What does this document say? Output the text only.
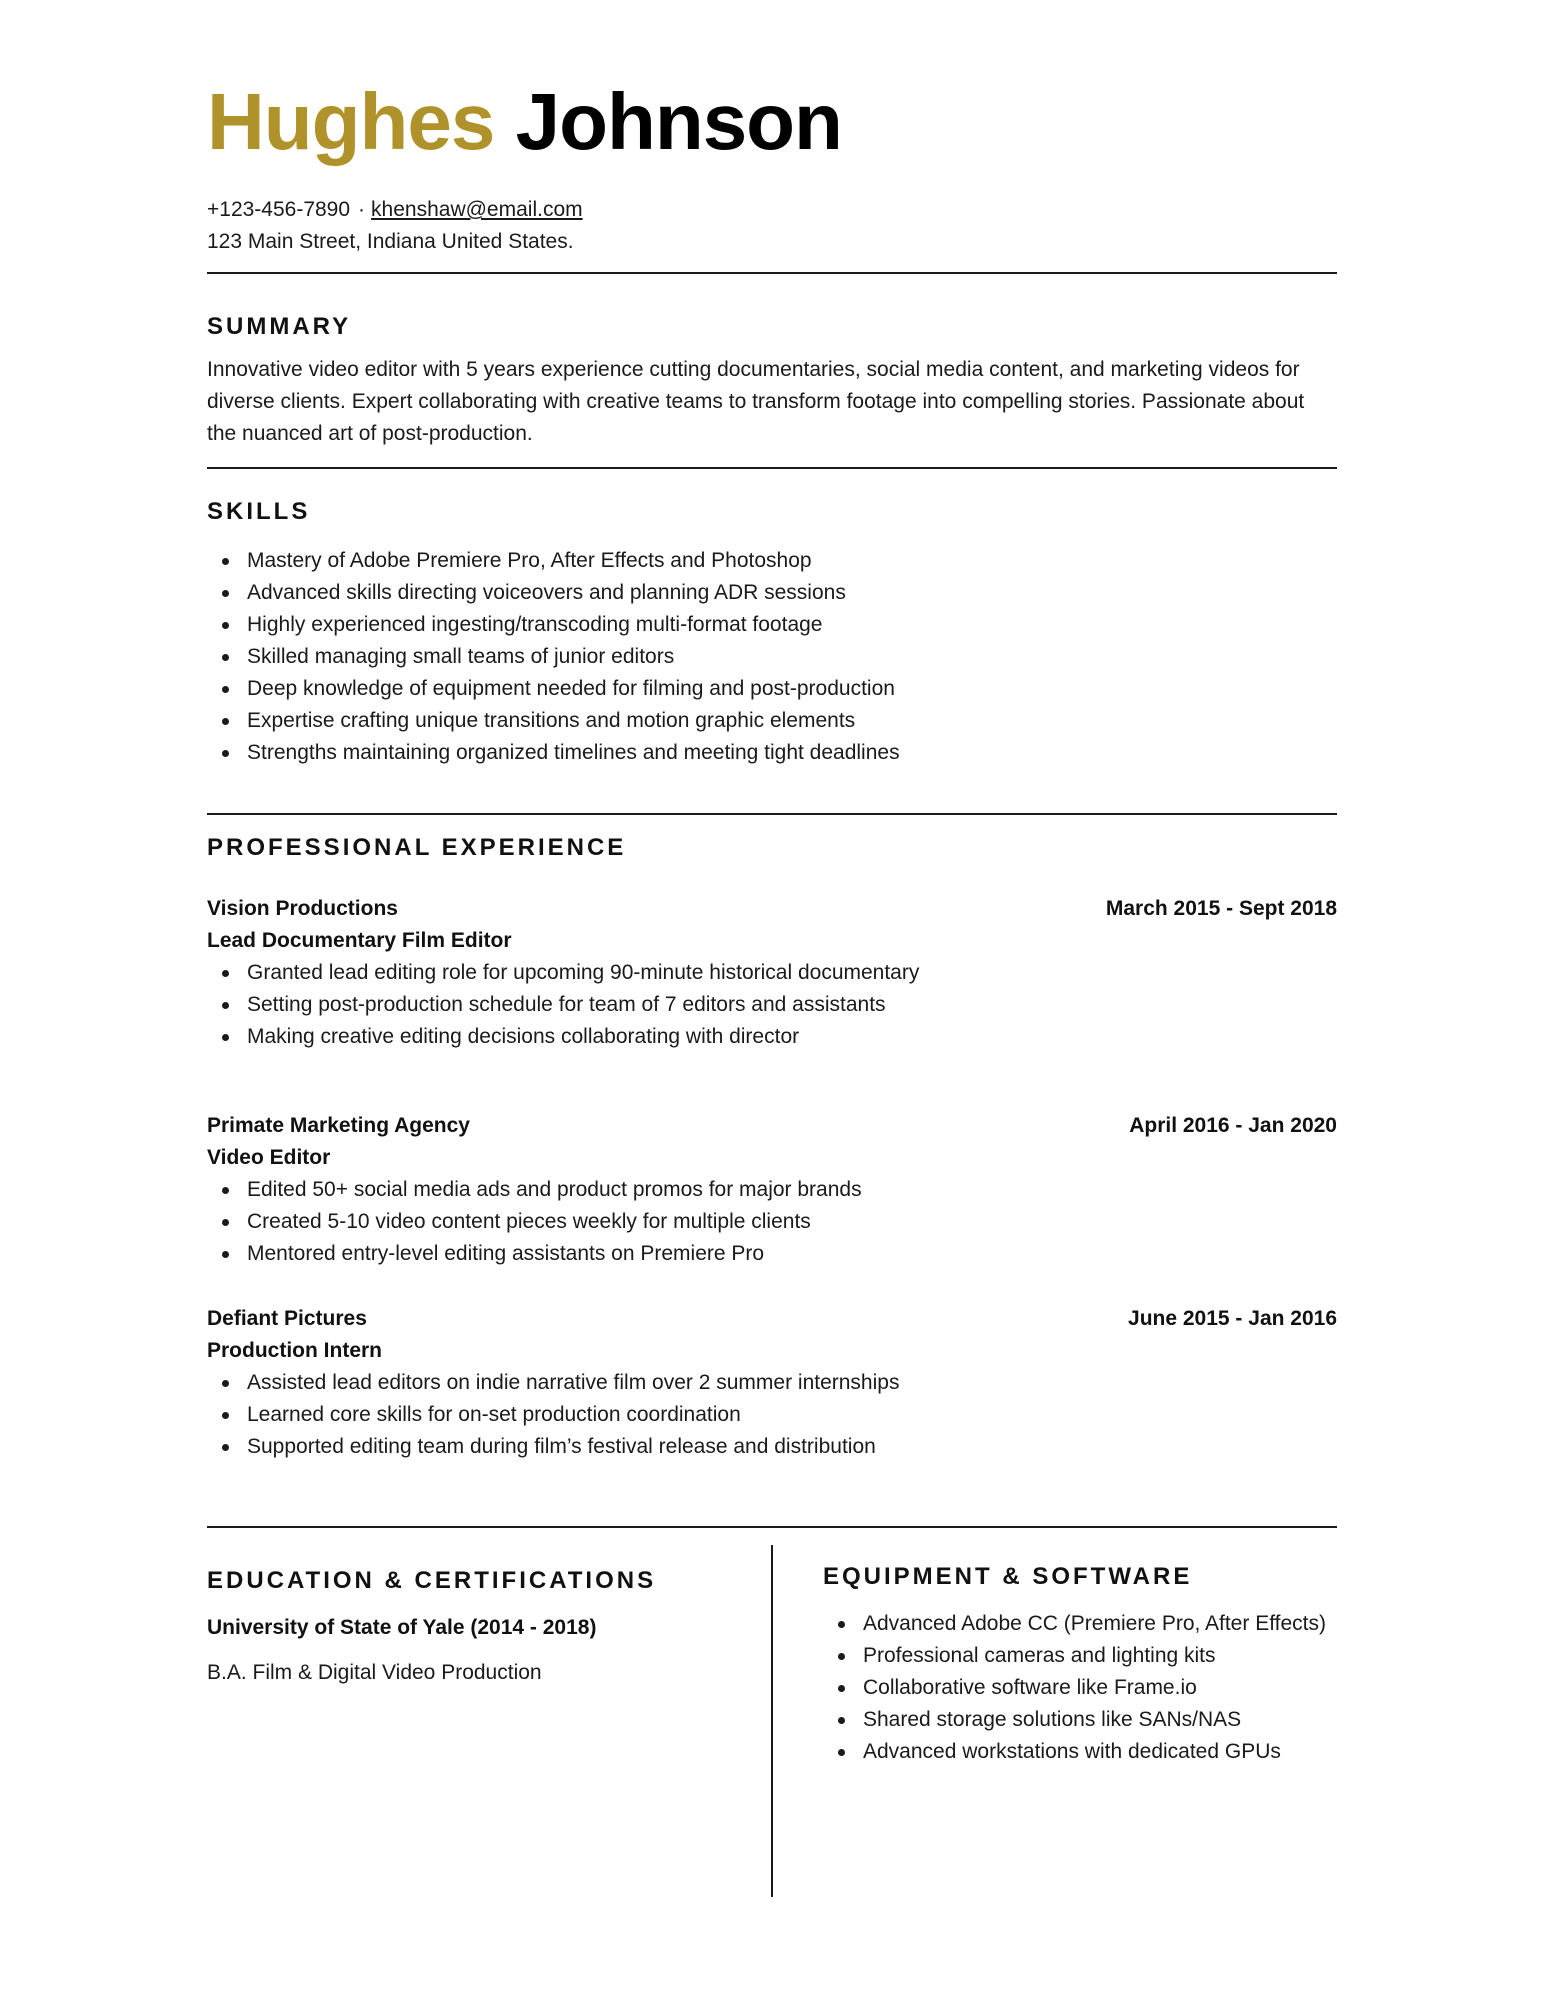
Hughes Johnson
+123-456-7890 · khenshaw@email.com
123 Main Street, Indiana United States.
SUMMARY
Innovative video editor with 5 years experience cutting documentaries, social media content, and marketing videos for diverse clients. Expert collaborating with creative teams to transform footage into compelling stories. Passionate about the nuanced art of post-production.
SKILLS
Mastery of Adobe Premiere Pro, After Effects and Photoshop
Advanced skills directing voiceovers and planning ADR sessions
Highly experienced ingesting/transcoding multi-format footage
Skilled managing small teams of junior editors
Deep knowledge of equipment needed for filming and post-production
Expertise crafting unique transitions and motion graphic elements
Strengths maintaining organized timelines and meeting tight deadlines
PROFESSIONAL EXPERIENCE
Vision Productions	March 2015 - Sept 2018
Lead Documentary Film Editor
Granted lead editing role for upcoming 90-minute historical documentary
Setting post-production schedule for team of 7 editors and assistants
Making creative editing decisions collaborating with director
Primate Marketing Agency	April 2016 - Jan 2020
Video Editor
Edited 50+ social media ads and product promos for major brands
Created 5-10 video content pieces weekly for multiple clients
Mentored entry-level editing assistants on Premiere Pro
Defiant Pictures	June 2015 - Jan 2016
Production Intern
Assisted lead editors on indie narrative film over 2 summer internships
Learned core skills for on-set production coordination
Supported editing team during film’s festival release and distribution
EDUCATION & CERTIFICATIONS
University of State of Yale (2014 - 2018)
B.A. Film & Digital Video Production
EQUIPMENT & SOFTWARE
Advanced Adobe CC (Premiere Pro, After Effects)
Professional cameras and lighting kits
Collaborative software like Frame.io
Shared storage solutions like SANs/NAS
Advanced workstations with dedicated GPUs
